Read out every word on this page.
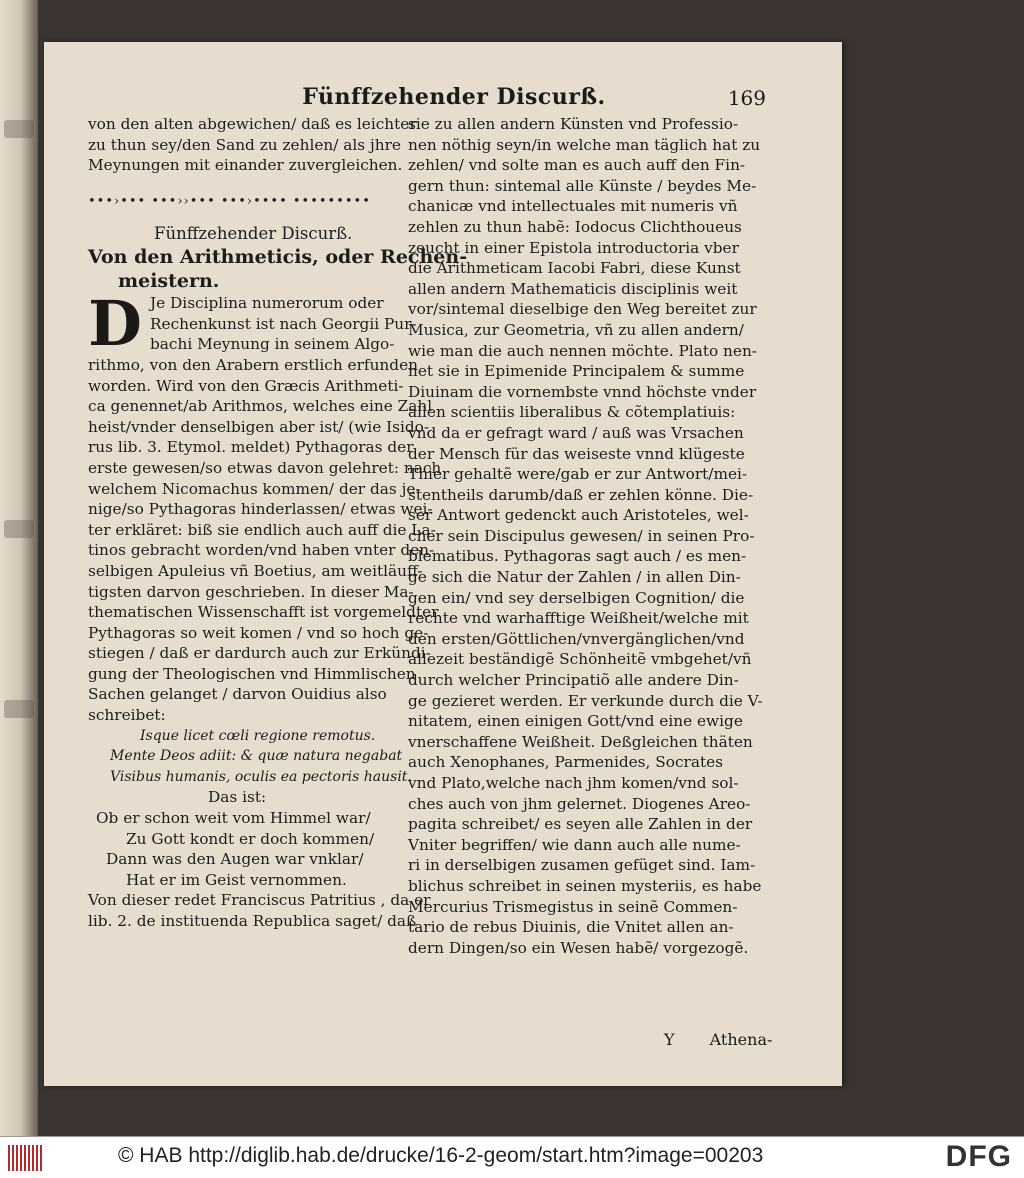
Fünffzehender Discurß.	169
von den alten abgewichen/ daß es leichter
zu thun sey/den Sand zu zehlen/ als jhre
Meynungen mit einander zuvergleichen.
•••›••• •••››••• •••›•••• •••••••••
Fünffzehender Discurß.
Von den Arithmeticis, oder Rechen-
meistern.
D Je Disciplina numerorum oder
Rechenkunst ist nach Georgii Pur-
bachi Meynung in seinem Algo-
rithmo, von den Arabern erstlich erfunden
worden. Wird von den Græcis Arithmeti-
ca genennet/ab Arithmos, welches eine Zahl
heist/vnder denselbigen aber ist/ (wie Isido-
rus lib. 3. Etymol. meldet) Pythagoras der
erste gewesen/so etwas davon gelehret: nach
welchem Nicomachus kommen/ der das je-
nige/so Pythagoras hinderlassen/ etwas wei-
ter erkläret: biß sie endlich auch auff die La-
tinos gebracht worden/vnd haben vnter den-
selbigen Apuleius vñ Boetius, am weitläuff-
tigsten darvon geschrieben. In dieser Ma-
thematischen Wissenschafft ist vorgemeldter
Pythagoras so weit komen / vnd so hoch ge-
stiegen / daß er dardurch auch zur Erkündi-
gung der Theologischen vnd Himmlischen
Sachen gelanget / darvon Ouidius also
schreibet:
Isque licet cœli regione remotus.
Mente Deos adiit: & quæ natura negabat
Visibus humanis, oculis ea pectoris hausit.
Das ist:
Ob er schon weit vom Himmel war/
Zu Gott kondt er doch kommen/
Dann was den Augen war vnklar/
Hat er im Geist vernommen.
Von dieser redet Franciscus Patritius , da er
lib. 2. de instituenda Republica saget/ daß
sie zu allen andern Künsten vnd Professio-
nen nöthig seyn/in welche man täglich hat zu
zehlen/ vnd solte man es auch auff den Fin-
gern thun: sintemal alle Künste / beydes Me-
chanicæ vnd intellectuales mit numeris vñ
zehlen zu thun habẽ: Iodocus Clichthoueus
zeucht in einer Epistola introductoria vber
die Arithmeticam Iacobi Fabri, diese Kunst
allen andern Mathematicis disciplinis weit
vor/sintemal dieselbige den Weg bereitet zur
Musica, zur Geometria, vñ zu allen andern/
wie man die auch nennen möchte. Plato nen-
net sie in Epimenide Principalem & summe
Diuinam die vornembste vnnd höchste vnder
allen scientiis liberalibus & cõtemplatiuis:
vnd da er gefragt ward / auß was Vrsachen
der Mensch für das weiseste vnnd klügeste
Thier gehaltẽ were/gab er zur Antwort/mei-
stentheils darumb/daß er zehlen könne. Die-
ser Antwort gedenckt auch Aristoteles, wel-
cher sein Discipulus gewesen/ in seinen Pro-
blematibus. Pythagoras sagt auch / es men-
ge sich die Natur der Zahlen / in allen Din-
gen ein/ vnd sey derselbigen Cognition/ die
rechte vnd warhafftige Weißheit/welche mit
den ersten/Göttlichen/vnvergänglichen/vnd
allezeit beständigẽ Schönheitẽ vmbgehet/vñ
durch welcher Principatiõ alle andere Din-
ge gezieret werden. Er verkunde durch die V-
nitatem, einen einigen Gott/vnd eine ewige
vnerschaffene Weißheit. Deßgleichen thäten
auch Xenophanes, Parmenides, Socrates
vnd Plato,welche nach jhm komen/vnd sol-
ches auch von jhm gelernet. Diogenes Areo-
pagita schreibet/ es seyen alle Zahlen in der
Vniter begriffen/ wie dann auch alle nume-
ri in derselbigen zusamen gefüget sind. Iam-
blichus schreibet in seinen mysteriis, es habe
Mercurius Trismegistus in seinẽ Commen-
tario de rebus Diuinis, die Vnitet allen an-
dern Dingen/so ein Wesen habẽ/ vorgezogẽ.
Y Athena-
© HAB http://diglib.hab.de/drucke/16-2-geom/start.htm?image=00203	DFG
